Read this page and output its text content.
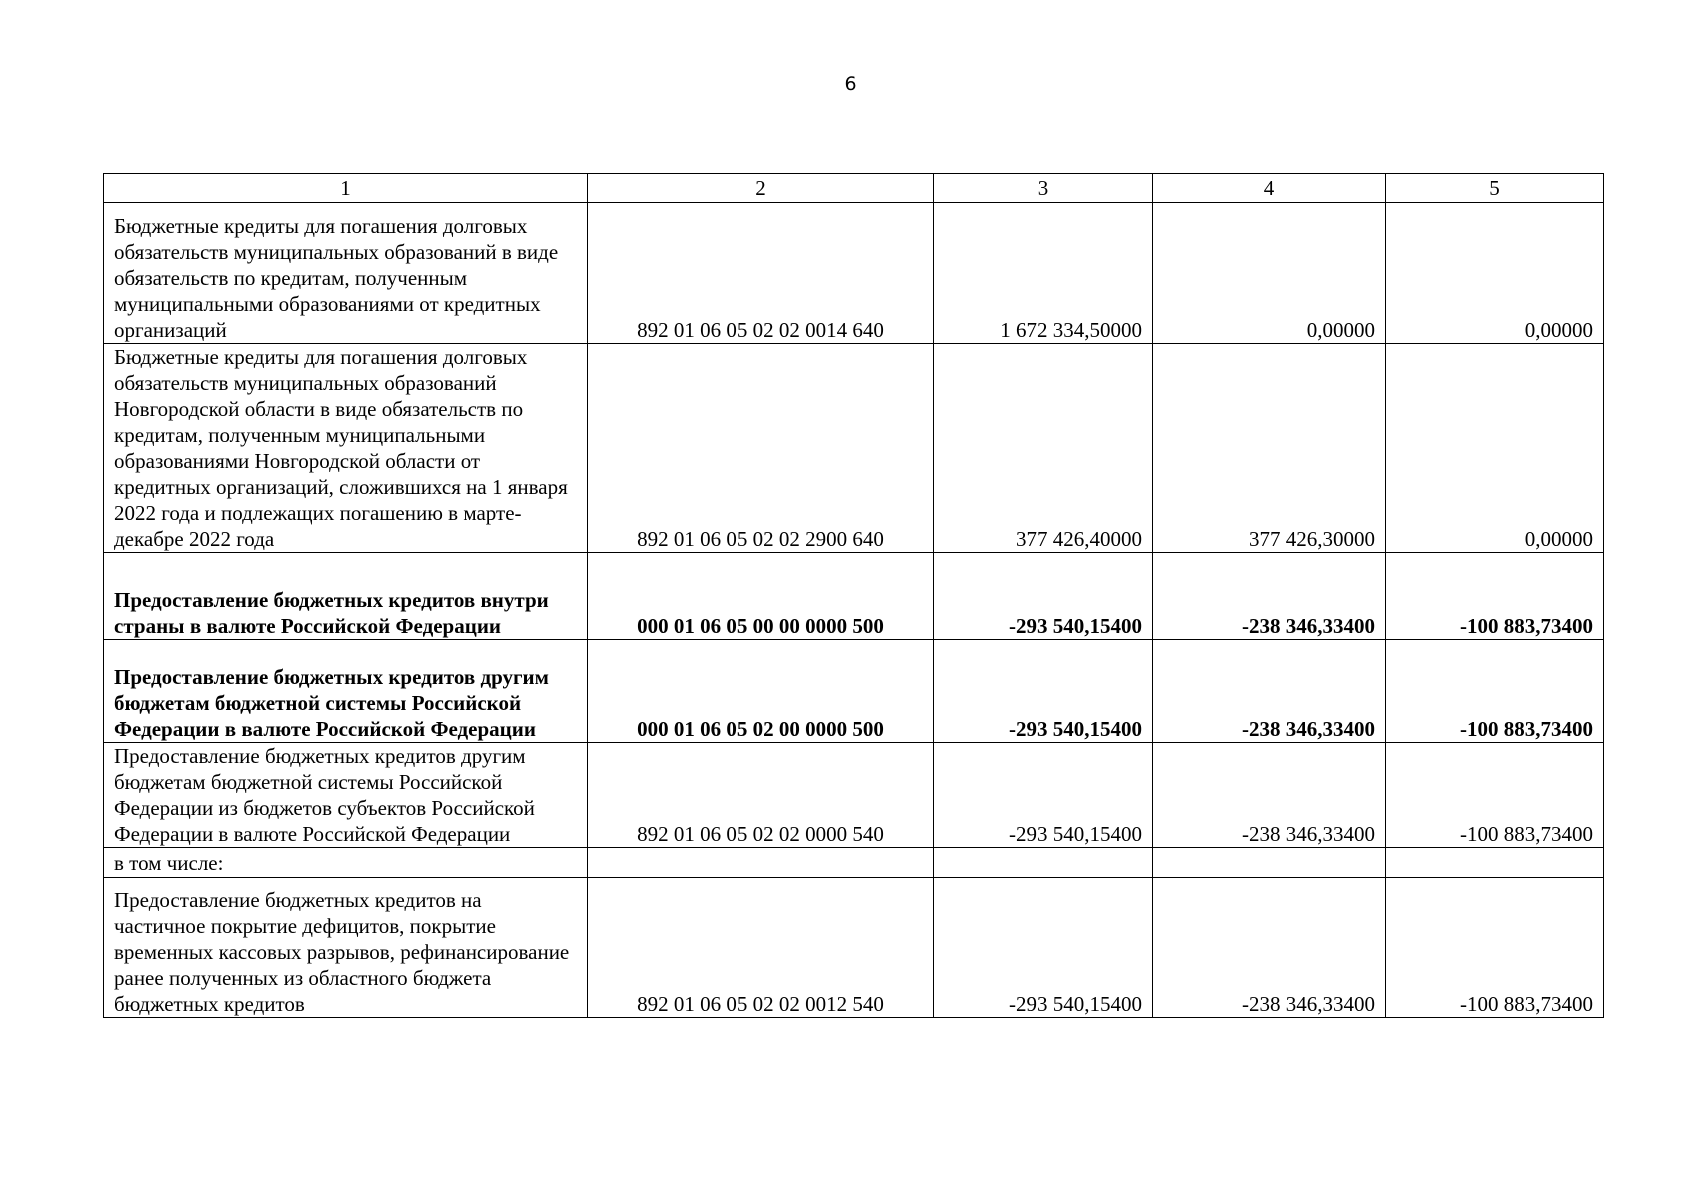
6
1	2	3	4	5
Бюджетные кредиты для погашения долговых обязательств муниципальных образований в виде обязательств по кредитам, полученным муниципальными образованиями от кредитных организаций	892 01 06 05 02 02 0014 640	1 672 334,50000	0,00000	0,00000
Бюджетные кредиты для погашения долговых обязательств муниципальных образований Новгородской области в виде обязательств по кредитам, полученным муниципальными образованиями Новгородской области от кредитных организаций, сложившихся на 1 января 2022 года и подлежащих погашению в марте-декабре 2022 года	892 01 06 05 02 02 2900 640	377 426,40000	377 426,30000	0,00000
Предоставление бюджетных кредитов внутри страны в валюте Российской Федерации	000 01 06 05 00 00 0000 500	-293 540,15400	-238 346,33400	-100 883,73400
Предоставление бюджетных кредитов другим бюджетам бюджетной системы Российской Федерации в валюте Российской Федерации	000 01 06 05 02 00 0000 500	-293 540,15400	-238 346,33400	-100 883,73400
Предоставление бюджетных кредитов другим бюджетам бюджетной системы Российской Федерации из бюджетов субъектов Российской Федерации в валюте Российской Федерации	892 01 06 05 02 02 0000 540	-293 540,15400	-238 346,33400	-100 883,73400
в том числе:				
Предоставление бюджетных кредитов на частичное покрытие дефицитов, покрытие временных кассовых разрывов, рефинансирование ранее полученных из областного бюджета бюджетных кредитов	892 01 06 05 02 02 0012 540	-293 540,15400	-238 346,33400	-100 883,73400
